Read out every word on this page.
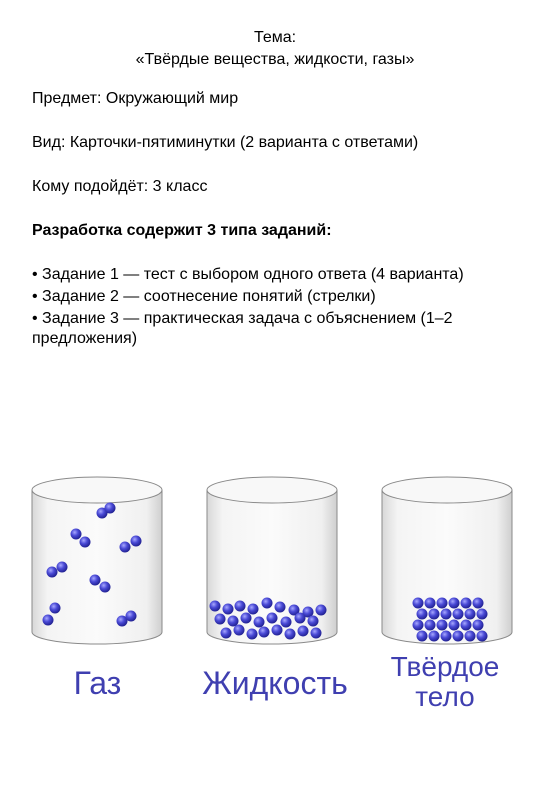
Тема:
«Твёрдые вещества, жидкости, газы»
Предмет: Окружающий мир
Вид: Карточки-пятиминутки (2 варианта с ответами)
Кому подойдёт: 3 класс
Разработка содержит 3 типа заданий:
• Задание 1 — тест с выбором одного ответа (4 варианта)
• Задание 2 — соотнесение понятий (стрелки)
• Задание 3 — практическая задача с объяснением (1–2 предложения)
Газ	Жидкость	Твёрдое
тело
